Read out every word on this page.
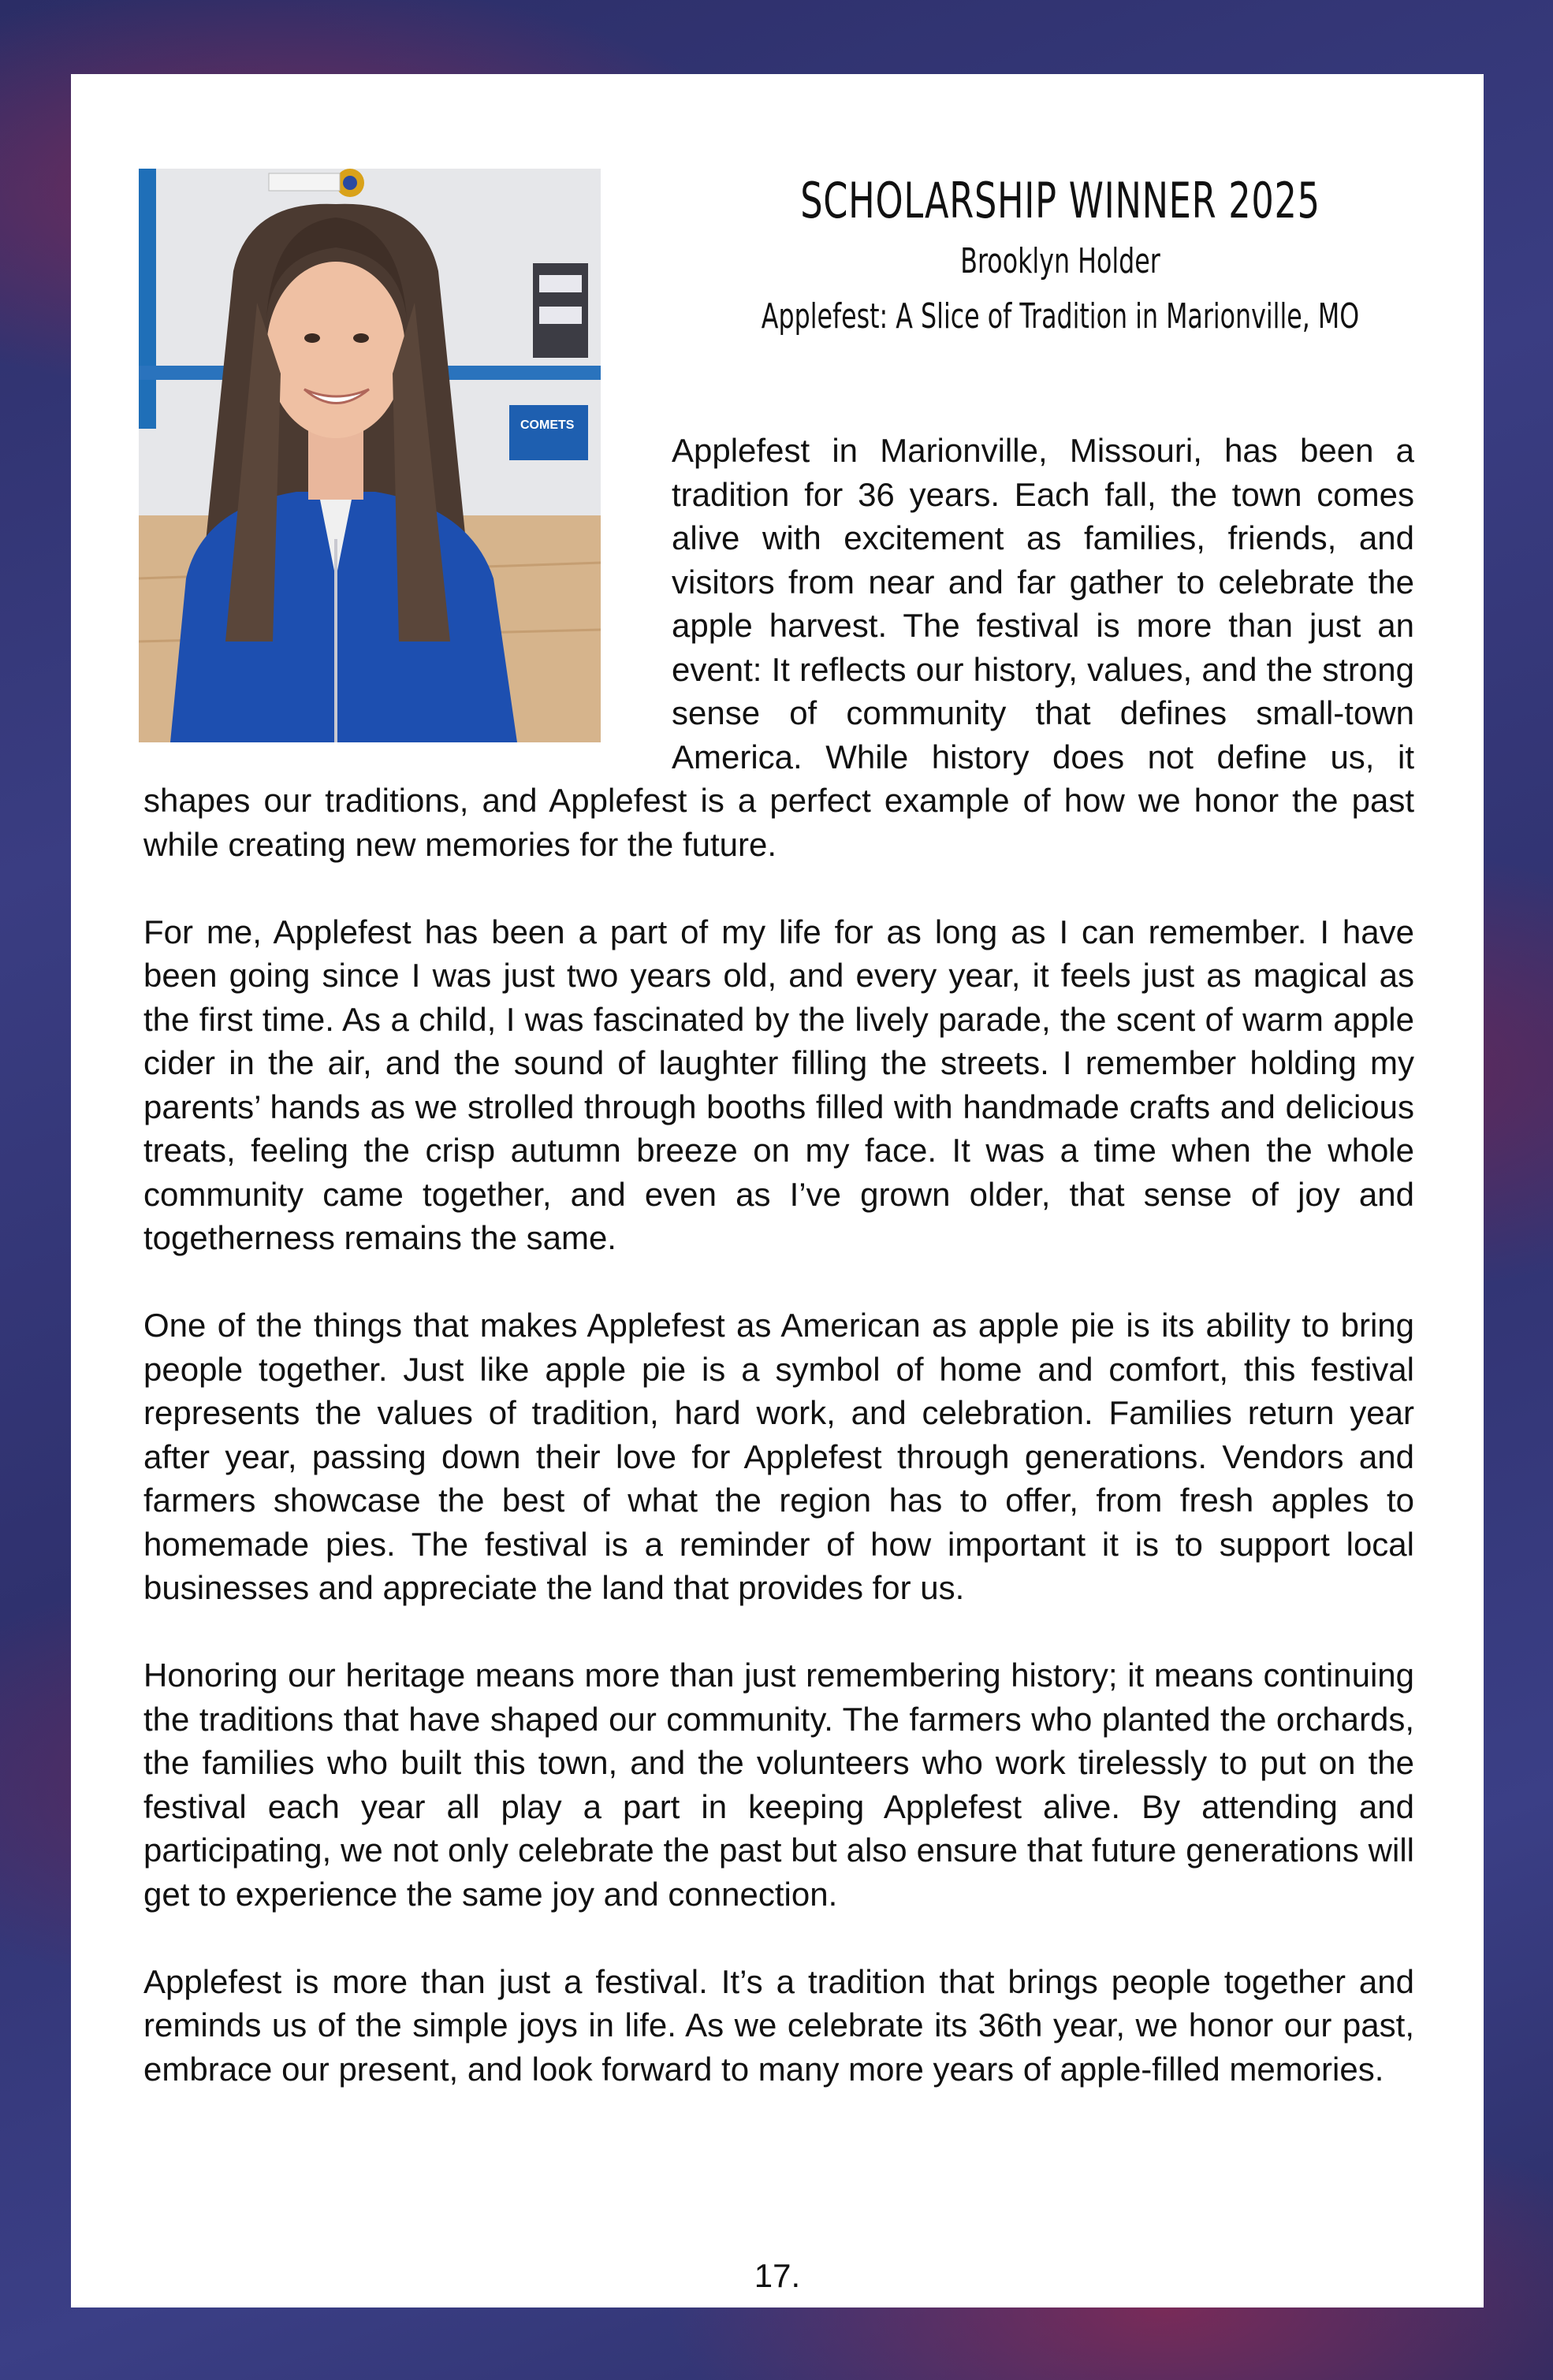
COMETS
SCHOLARSHIP WINNER 2025
Brooklyn Holder
Applefest: A Slice of Tradition in Marionville, MO

Applefest in Marionville, Missouri, has been a tradition for 36 years. Each fall, the town comes alive with excitement as families, friends, and visitors from near and far gather to celebrate the apple harvest. The festival is more than just an event: It reflects our history, values, and the strong sense of community that defines small-town America. While history does not define us, it shapes our traditions, and Applefest is a perfect example of how we honor the past while creating new memories for the future.

For me, Applefest has been a part of my life for as long as I can remember. I have been going since I was just two years old, and every year, it feels just as magical as the first time. As a child, I was fascinated by the lively parade, the scent of warm apple cider in the air, and the sound of laughter filling the streets. I remember holding my parents’ hands as we strolled through booths filled with handmade crafts and delicious treats, feeling the crisp autumn breeze on my face. It was a time when the whole community came together, and even as I’ve grown older, that sense of joy and togetherness remains the same.

One of the things that makes Applefest as American as apple pie is its ability to bring people together. Just like apple pie is a symbol of home and comfort, this festival represents the values of tradition, hard work, and celebration. Families return year after year, passing down their love for Applefest through generations. Vendors and farmers showcase the best of what the region has to offer, from fresh apples to homemade pies. The festival is a reminder of how important it is to support local businesses and appreciate the land that provides for us.

Honoring our heritage means more than just remembering history; it means continuing the traditions that have shaped our community. The farmers who planted the orchards, the families who built this town, and the volunteers who work tirelessly to put on the festival each year all play a part in keeping Applefest alive. By attending and participating, we not only celebrate the past but also ensure that future generations will get to experience the same joy and connection.

Applefest is more than just a festival. It’s a tradition that brings people together and reminds us of the simple joys in life. As we celebrate its 36th year, we honor our past, embrace our present, and look forward to many more years of apple-filled memories.

17.
